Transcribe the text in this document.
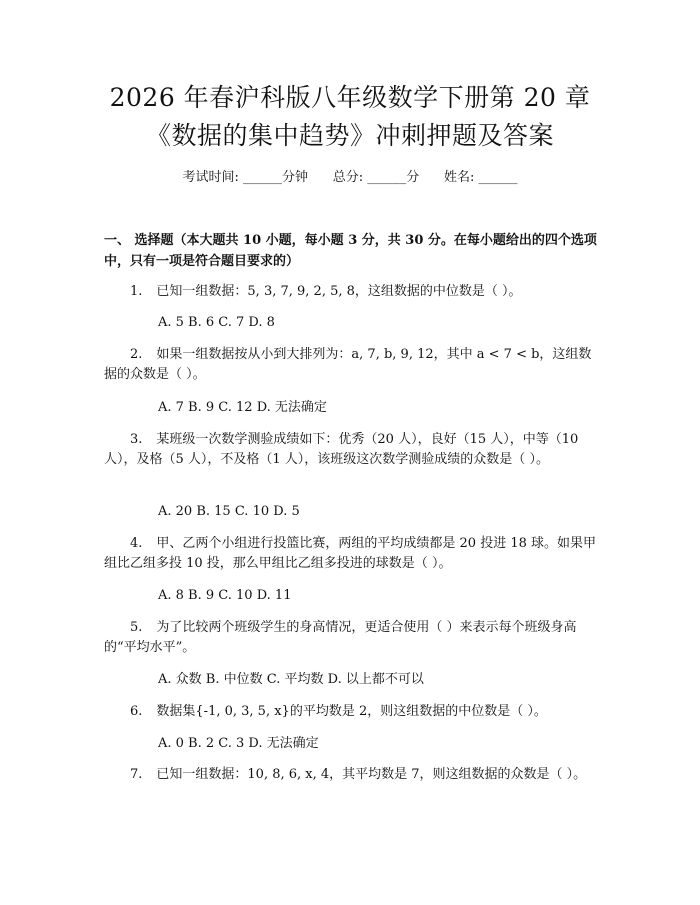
2026 年春沪科版八年级数学下册第 20 章
《数据的集中趋势》冲刺押题及答案
考试时间: ______分钟      总分: ______分      姓名: ______
一、 选择题（本大题共 10 小题，每小题 3 分，共 30 分。在每小题给出的四个选项中，只有一项是符合题目要求的）
1. 已知一组数据：5, 3, 7, 9, 2, 5, 8，这组数据的中位数是（ ）。
A. 5 B. 6 C. 7 D. 8
2. 如果一组数据按从小到大排列为：a, 7, b, 9, 12，其中 a < 7 < b，这组数据的众数是（ ）。
A. 7 B. 9 C. 12 D. 无法确定
3. 某班级一次数学测验成绩如下：优秀（20 人），良好（15 人），中等（10 人），及格（5 人），不及格（1 人），该班级这次数学测验成绩的众数是（ ）。
A. 20 B. 15 C. 10 D. 5
4. 甲、乙两个小组进行投篮比赛，两组的平均成绩都是 20 投进 18 球。如果甲组比乙组多投 10 投，那么甲组比乙组多投进的球数是（ ）。
A. 8 B. 9 C. 10 D. 11
5. 为了比较两个班级学生的身高情况，更适合使用（ ）来表示每个班级身高的“平均水平”。
A. 众数 B. 中位数 C. 平均数 D. 以上都不可以
6. 数据集{-1, 0, 3, 5, x}的平均数是 2，则这组数据的中位数是（ ）。
A. 0 B. 2 C. 3 D. 无法确定
7. 已知一组数据：10, 8, 6, x, 4，其平均数是 7，则这组数据的众数是（ ）。
